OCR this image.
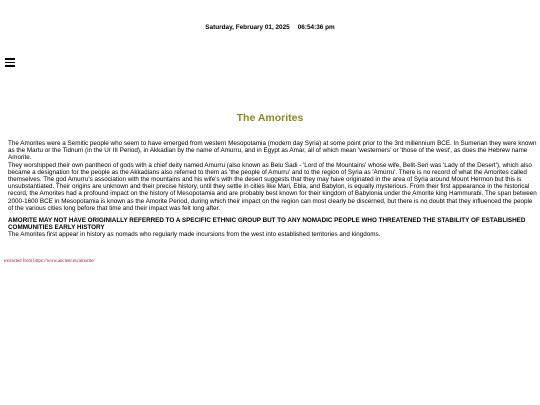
Saturday, February 01, 2025 06:54:36 pm
The Amorites

The Amorites were a Semitic people who seem to have emerged from western Mesopotamia (modern day Syria) at some point prior to the 3rd millennium BCE. In Sumerian they were known as the Martu or the Tidnum (in the Ur III Period), in Akkadian by the name of Amurru, and in Egypt as Amar, all of which mean 'westerners' or 'those of the west', as does the Hebrew name Amorite.

They worshipped their own pantheon of gods with a chief deity named Amurru (also known as Belu Sadi - 'Lord of the Mountains' whose wife, Belit-Seri was 'Lady of the Desert'), which also became a designation for the people as the Akkadians also referred to them as 'the people of Amurru' and to the region of Syria as 'Amurru'. There is no record of what the Amorites called themselves. The god Amurru's association with the mountains and his wife's with the desert suggests that they may have originated in the area of Syria around Mount Hermon but this is unsubstantiated. Their origins are unknown and their precise history, until they settle in cities like Mari, Ebla, and Babylon, is equally mysterious. From their first appearance in the historical record, the Amorites had a profound impact on the history of Mesopotamia and are probably best known for their kingdom of Babylonia under the Amorite king Hammurabi. The span between 2000-1600 BCE in Mesopotamia is known as the Amorite Period, during which their impact on the region can most clearly be discerned, but there is no doubt that they influenced the people of the various cities long before that time and their impact was felt long after.

AMORITE MAY NOT HAVE ORIGINIALLY REFERRED TO A SPECIFIC ETHNIC GROUP BUT TO ANY NOMADIC PEOPLE WHO THREATENED THE STABILITY OF ESTABLISHED COMMUNITIES EARLY HISTORY

The Amorites first appear in history as nomads who regularly made incursions from the west into established territories and kingdoms.

extracted from https://www.ancient.eu/amorite/
